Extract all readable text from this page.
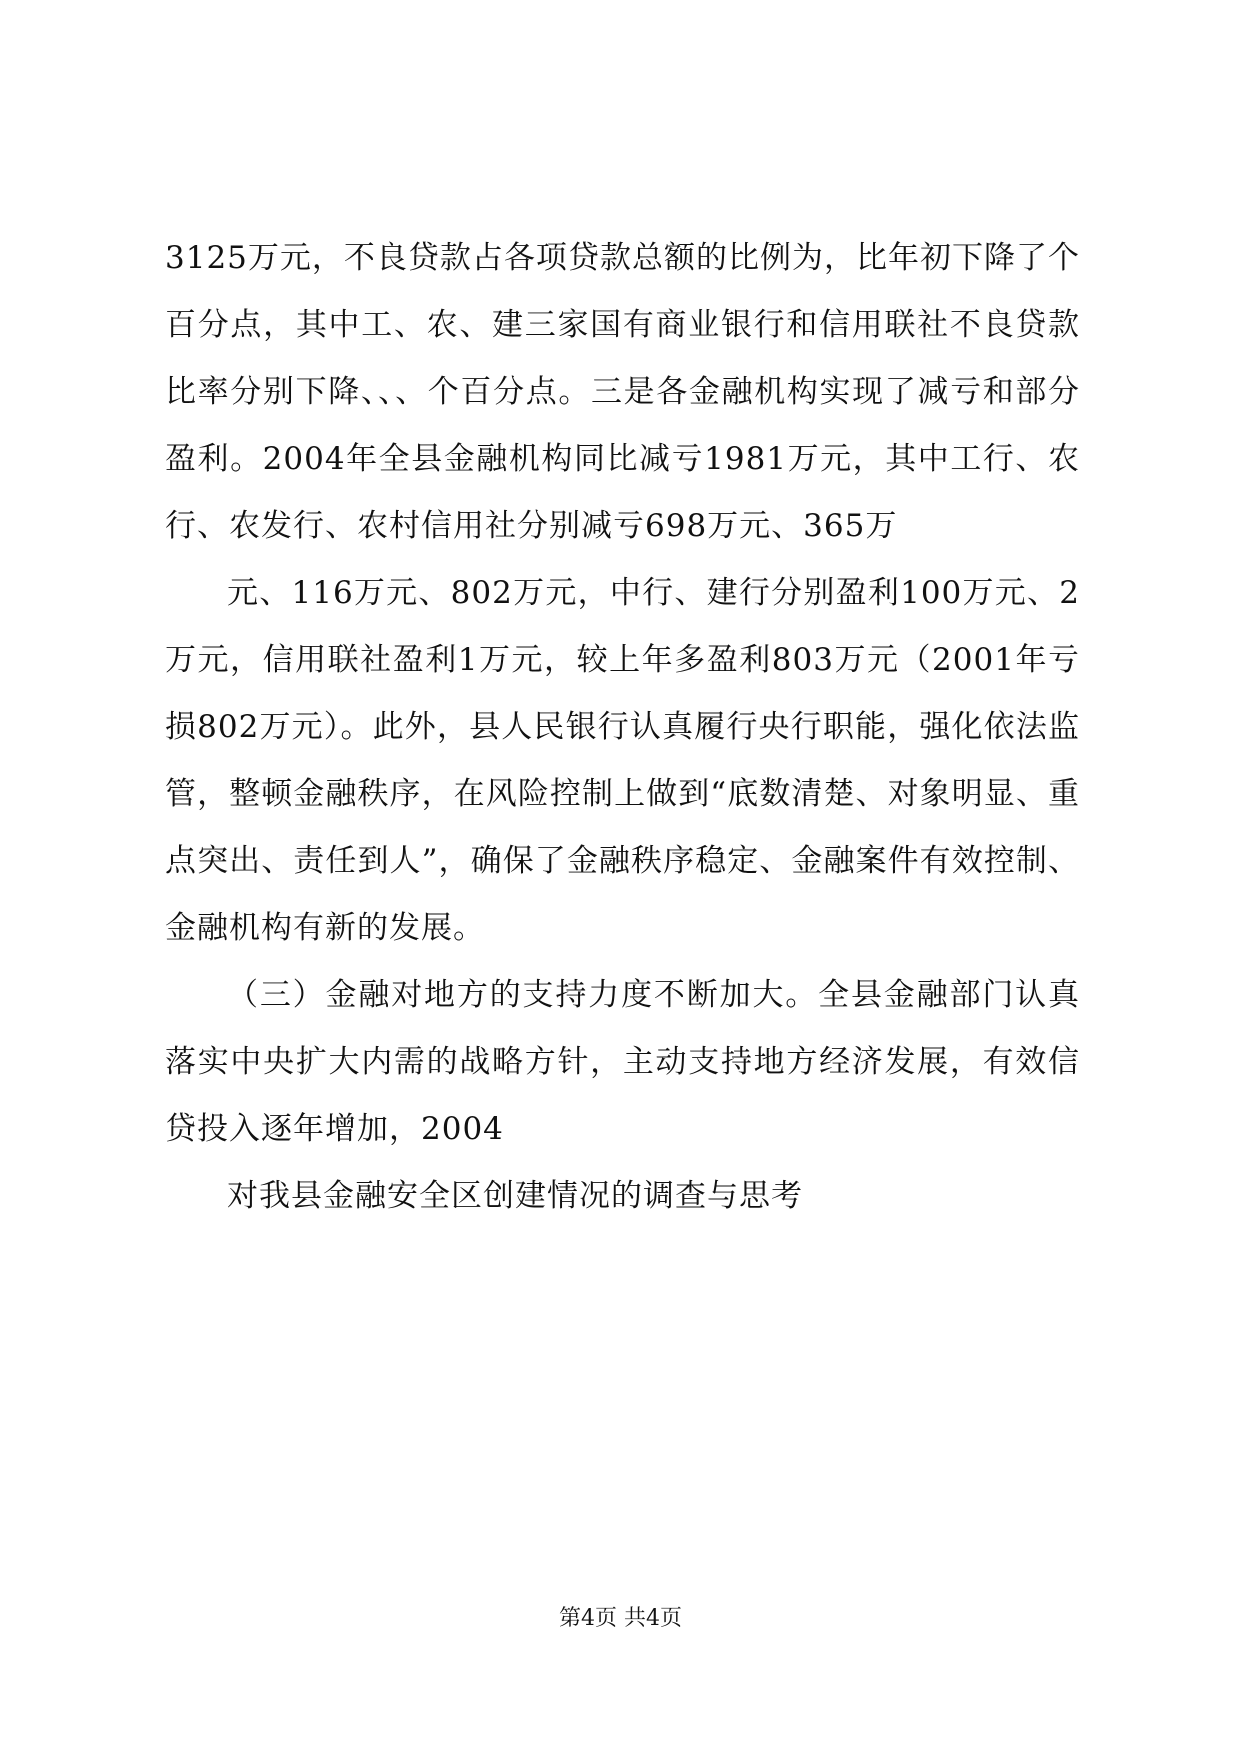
3125万元，不良贷款占各项贷款总额的比例为，比年初下降了个百分点，其中工、农、建三家国有商业银行和信用联社不良贷款比率分别下降、、、个百分点。三是各金融机构实现了减亏和部分盈利。2004年全县金融机构同比减亏1981万元，其中工行、农行、农发行、农村信用社分别减亏698万元、365万

元、116万元、802万元，中行、建行分别盈利100万元、2万元，信用联社盈利1万元，较上年多盈利803万元（2001年亏损802万元）。此外，县人民银行认真履行央行职能，强化依法监管，整顿金融秩序，在风险控制上做到“底数清楚、对象明显、重点突出、责任到人”，确保了金融秩序稳定、金融案件有效控制、金融机构有新的发展。

（三）金融对地方的支持力度不断加大。全县金融部门认真落实中央扩大内需的战略方针，主动支持地方经济发展，有效信贷投入逐年增加，2004

对我县金融安全区创建情况的调查与思考

第4页 共4页
